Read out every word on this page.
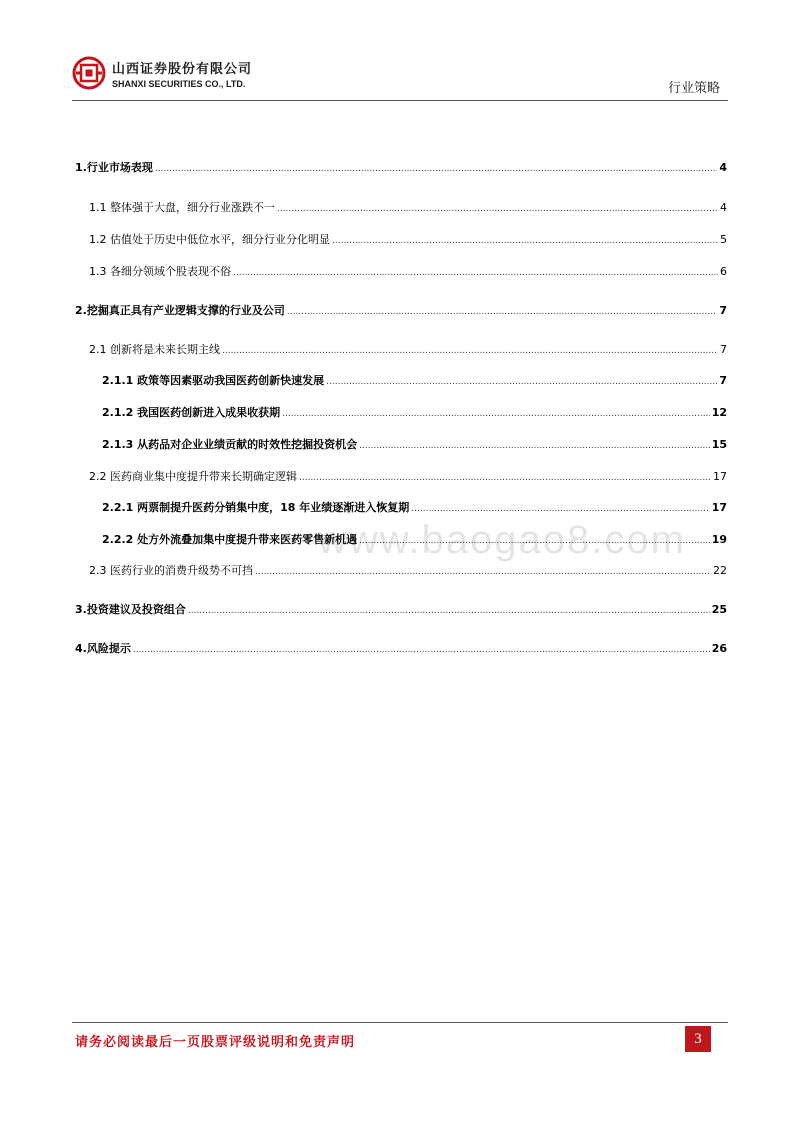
山西证券股份有限公司
SHANXI SECURITIES CO., LTD.	行业策略
1.行业市场表现 .....	4
1.1 整体强于大盘，细分行业涨跌不一 .....	4
1.2 估值处于历史中低位水平，细分行业分化明显 .....	5
1.3 各细分领域个股表现不俗 .....	6
2.挖掘真正具有产业逻辑支撑的行业及公司 .....	7
2.1 创新将是未来长期主线 .....	7
2.1.1 政策等因素驱动我国医药创新快速发展 .....	7
2.1.2 我国医药创新进入成果收获期 .....	12
2.1.3 从药品对企业业绩贡献的时效性挖掘投资机会 .....	15
2.2 医药商业集中度提升带来长期确定逻辑 .....	17
2.2.1 两票制提升医药分销集中度，18 年业绩逐渐进入恢复期 .....	17
2.2.2 处方外流叠加集中度提升带来医药零售新机遇 .....	19
2.3 医药行业的消费升级势不可挡 .....	22
3.投资建议及投资组合 .....	25
4.风险提示 .....	26
www.baogao8.com
请务必阅读最后一页股票评级说明和免责声明	3
